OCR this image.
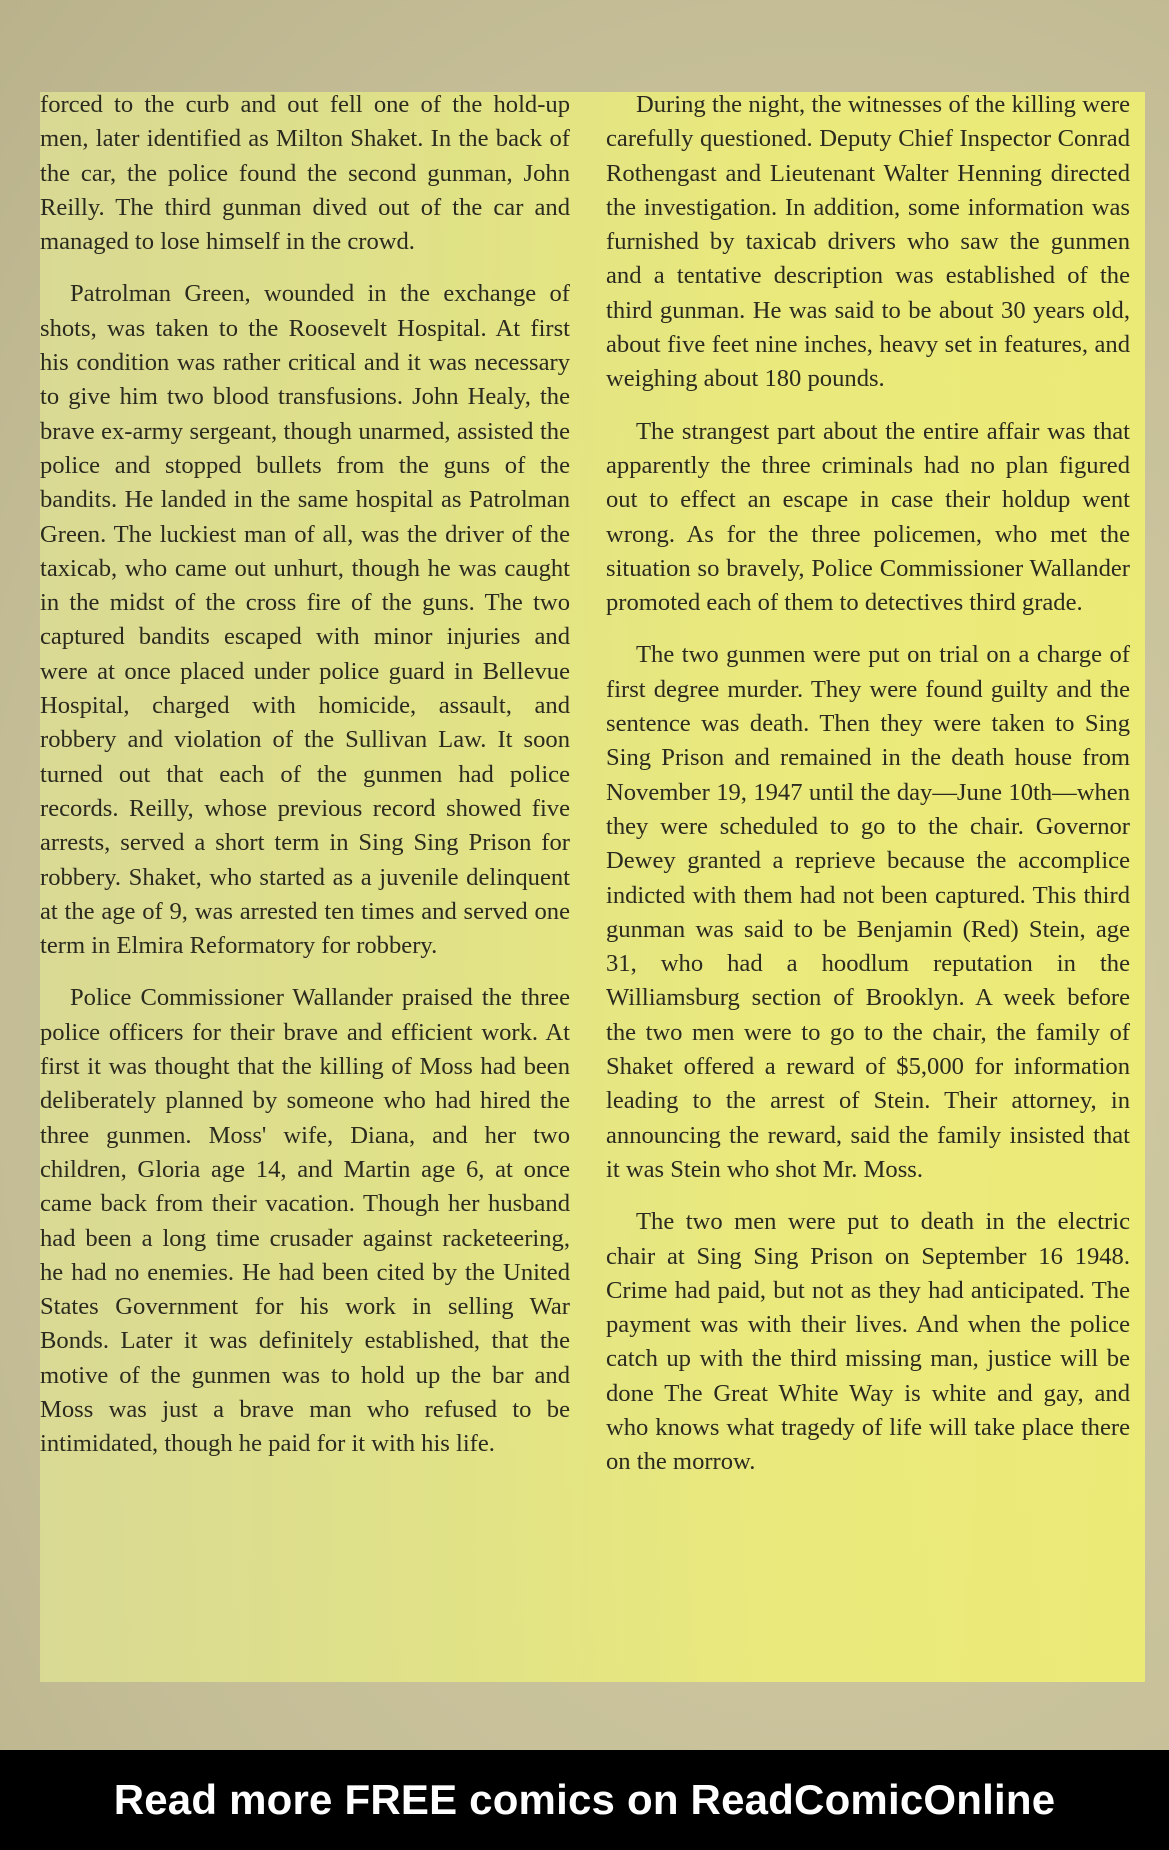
forced to the curb and out fell one of the hold-up men, later identified as Milton Shaket. In the back of the car, the police found the second gunman, John Reilly. The third gunman dived out of the car and managed to lose himself in the crowd.

Patrolman Green, wounded in the exchange of shots, was taken to the Roosevelt Hospital. At first his condition was rather critical and it was necessary to give him two blood transfusions. John Healy, the brave ex-army sergeant, though unarmed, assisted the police and stopped bullets from the guns of the bandits. He landed in the same hospital as Patrolman Green. The luckiest man of all, was the driver of the taxicab, who came out unhurt, though he was caught in the midst of the cross fire of the guns. The two captured bandits escaped with minor injuries and were at once placed under police guard in Bellevue Hospital, charged with homicide, assault, and robbery and violation of the Sullivan Law. It soon turned out that each of the gunmen had police records. Reilly, whose previous record showed five arrests, served a short term in Sing Sing Prison for robbery. Shaket, who started as a juvenile delinquent at the age of 9, was arrested ten times and served one term in Elmira Reformatory for robbery.

Police Commissioner Wallander praised the three police officers for their brave and efficient work. At first it was thought that the killing of Moss had been deliberately planned by someone who had hired the three gunmen. Moss' wife, Diana, and her two children, Gloria age 14, and Martin age 6, at once came back from their vacation. Though her husband had been a long time crusader against racketeering, he had no enemies. He had been cited by the United States Government for his work in selling War Bonds. Later it was definitely established, that the motive of the gunmen was to hold up the bar and Moss was just a brave man who refused to be intimidated, though he paid for it with his life.

During the night, the witnesses of the killing were carefully questioned. Deputy Chief Inspector Conrad Rothengast and Lieutenant Walter Henning directed the investigation. In addition, some information was furnished by taxicab drivers who saw the gunmen and a tentative description was established of the third gunman. He was said to be about 30 years old, about five feet nine inches, heavy set in features, and weighing about 180 pounds.

The strangest part about the entire affair was that apparently the three criminals had no plan figured out to effect an escape in case their holdup went wrong. As for the three policemen, who met the situation so bravely, Police Commissioner Wallander promoted each of them to detectives third grade.

The two gunmen were put on trial on a charge of first degree murder. They were found guilty and the sentence was death. Then they were taken to Sing Sing Prison and remained in the death house from November 19, 1947 until the day—June 10th—when they were scheduled to go to the chair. Governor Dewey granted a reprieve because the accomplice indicted with them had not been captured. This third gunman was said to be Benjamin (Red) Stein, age 31, who had a hoodlum reputation in the Williamsburg section of Brooklyn. A week before the two men were to go to the chair, the family of Shaket offered a reward of $5,000 for information leading to the arrest of Stein. Their attorney, in announcing the reward, said the family insisted that it was Stein who shot Mr. Moss.

The two men were put to death in the electric chair at Sing Sing Prison on September 16 1948. Crime had paid, but not as they had anticipated. The payment was with their lives. And when the police catch up with the third missing man, justice will be done The Great White Way is white and gay, and who knows what tragedy of life will take place there on the morrow.

Read more FREE comics on ReadComicOnline
